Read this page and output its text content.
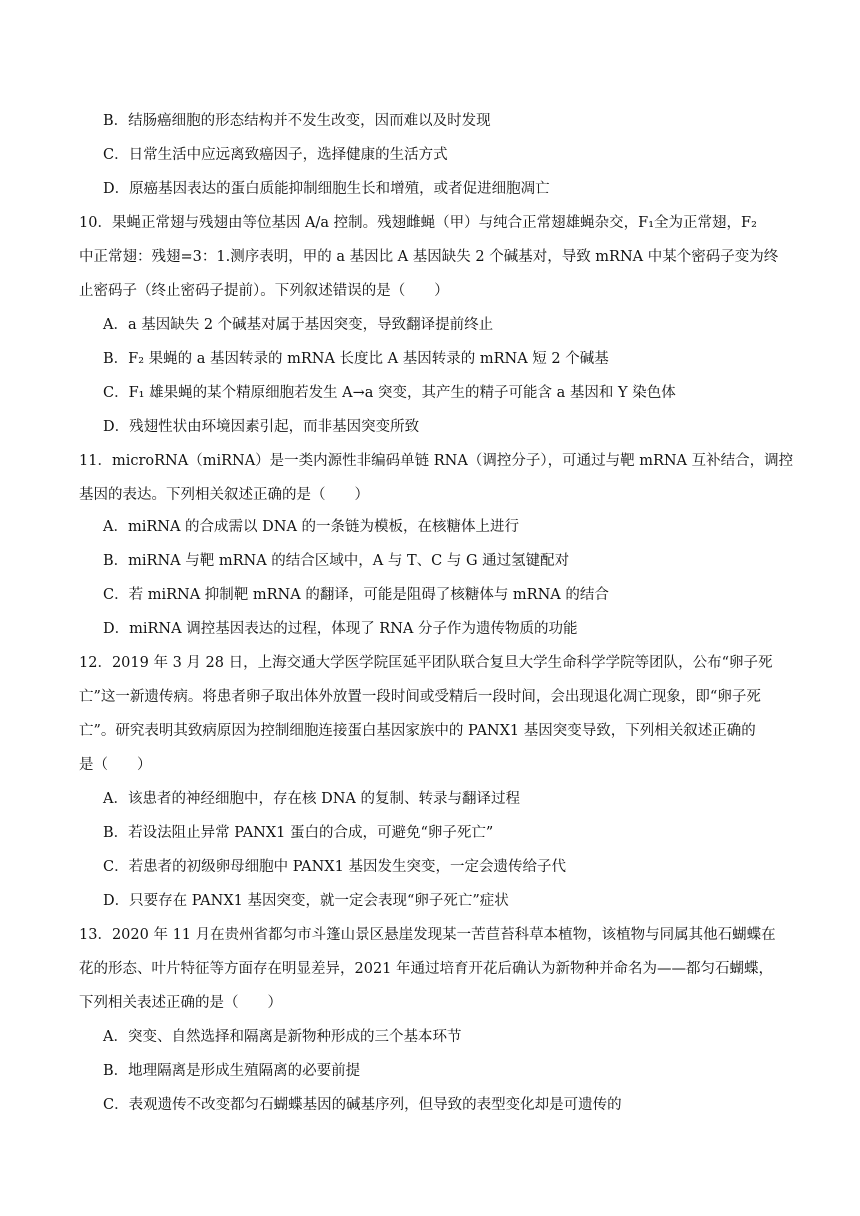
B．结肠癌细胞的形态结构并不发生改变，因而难以及时发现
C．日常生活中应远离致癌因子，选择健康的生活方式
D．原癌基因表达的蛋白质能抑制细胞生长和增殖，或者促进细胞凋亡
10．果蝇正常翅与残翅由等位基因 A/a 控制。残翅雌蝇（甲）与纯合正常翅雄蝇杂交，F₁全为正常翅，F₂
中正常翅：残翅=3：1.测序表明，甲的 a 基因比 A 基因缺失 2 个碱基对，导致 mRNA 中某个密码子变为终
止密码子（终止密码子提前）。下列叙述错误的是（　　）
A．a 基因缺失 2 个碱基对属于基因突变，导致翻译提前终止
B．F₂ 果蝇的 a 基因转录的 mRNA 长度比 A 基因转录的 mRNA 短 2 个碱基
C．F₁ 雄果蝇的某个精原细胞若发生 A→a 突变，其产生的精子可能含 a 基因和 Y 染色体
D．残翅性状由环境因素引起，而非基因突变所致
11．microRNA（miRNA）是一类内源性非编码单链 RNA（调控分子），可通过与靶 mRNA 互补结合，调控
基因的表达。下列相关叙述正确的是（　　）
A．miRNA 的合成需以 DNA 的一条链为模板，在核糖体上进行
B．miRNA 与靶 mRNA 的结合区域中，A 与 T、C 与 G 通过氢键配对
C．若 miRNA 抑制靶 mRNA 的翻译，可能是阻碍了核糖体与 mRNA 的结合
D．miRNA 调控基因表达的过程，体现了 RNA 分子作为遗传物质的功能
12．2019 年 3 月 28 日，上海交通大学医学院匡延平团队联合复旦大学生命科学学院等团队，公布“卵子死
亡”这一新遗传病。将患者卵子取出体外放置一段时间或受精后一段时间，会出现退化凋亡现象，即“卵子死
亡”。研究表明其致病原因为控制细胞连接蛋白基因家族中的 PANX1 基因突变导致，下列相关叙述正确的
是（　　）
A．该患者的神经细胞中，存在核 DNA 的复制、转录与翻译过程
B．若设法阻止异常 PANX1 蛋白的合成，可避免“卵子死亡”
C．若患者的初级卵母细胞中 PANX1 基因发生突变，一定会遗传给子代
D．只要存在 PANX1 基因突变，就一定会表现“卵子死亡”症状
13．2020 年 11 月在贵州省都匀市斗篷山景区悬崖发现某一苦苣苔科草本植物，该植物与同属其他石蝴蝶在
花的形态、叶片特征等方面存在明显差异，2021 年通过培育开花后确认为新物种并命名为——都匀石蝴蝶，
下列相关表述正确的是（　　）
A．突变、自然选择和隔离是新物种形成的三个基本环节
B．地理隔离是形成生殖隔离的必要前提
C．表观遗传不改变都匀石蝴蝶基因的碱基序列，但导致的表型变化却是可遗传的
